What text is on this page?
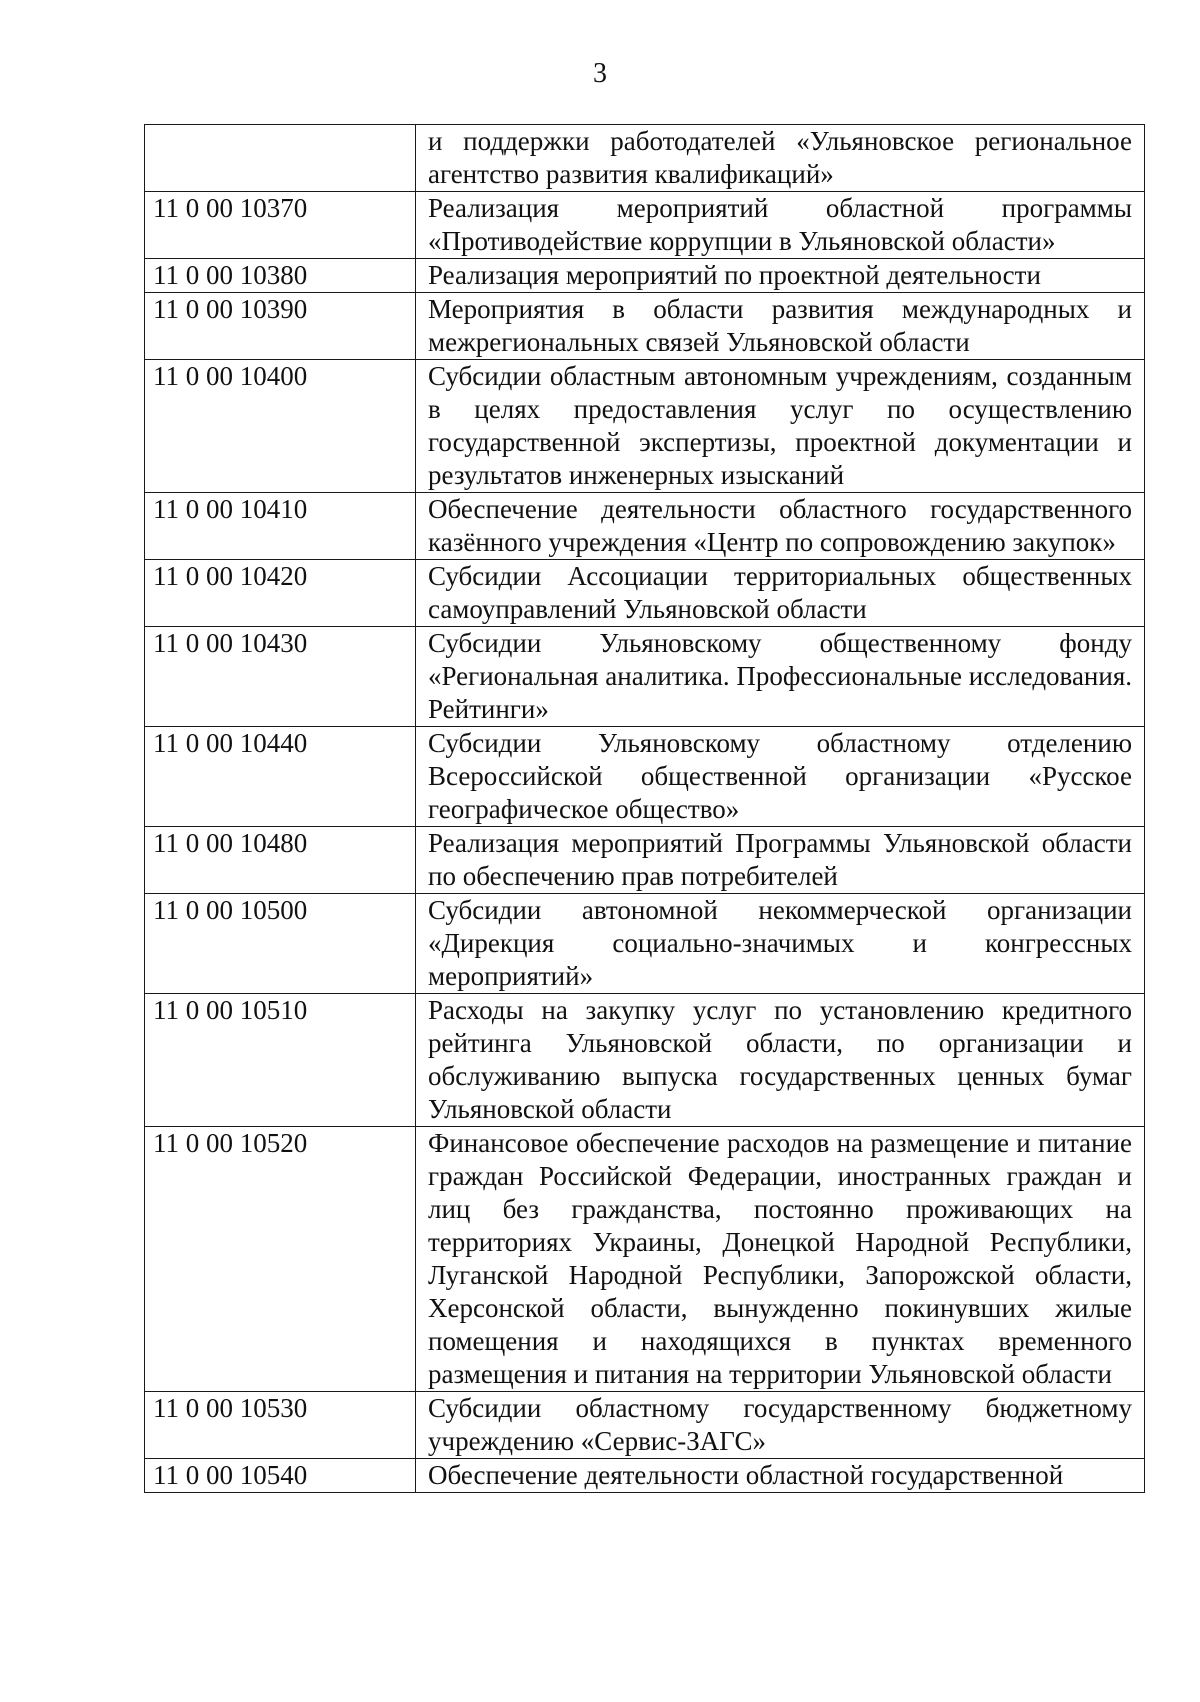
3
	и поддержки работодателей «Ульяновское региональное агентство развития квалификаций»
11 0 00 10370	Реализация мероприятий областной программы «Противодействие коррупции в Ульяновской области»
11 0 00 10380	Реализация мероприятий по проектной деятельности
11 0 00 10390	Мероприятия в области развития международных и межрегиональных связей Ульяновской области
11 0 00 10400	Субсидии областным автономным учреждениям, созданным в целях предоставления услуг по осуществлению государственной экспертизы, проектной документации и результатов инженерных изысканий
11 0 00 10410	Обеспечение деятельности областного государственного казённого учреждения «Центр по сопровождению закупок»
11 0 00 10420	Субсидии Ассоциации территориальных общественных самоуправлений Ульяновской области
11 0 00 10430	Субсидии Ульяновскому общественному фонду «Региональная аналитика. Профессиональные исследования. Рейтинги»
11 0 00 10440	Субсидии Ульяновскому областному отделению Всероссийской общественной организации «Русское географическое общество»
11 0 00 10480	Реализация мероприятий Программы Ульяновской области по обеспечению прав потребителей
11 0 00 10500	Субсидии автономной некоммерческой организации «Дирекция социально-значимых и конгрессных мероприятий»
11 0 00 10510	Расходы на закупку услуг по установлению кредитного рейтинга Ульяновской области, по организации и обслуживанию выпуска государственных ценных бумаг Ульяновской области
11 0 00 10520	Финансовое обеспечение расходов на размещение и питание граждан Российской Федерации, иностранных граждан и лиц без гражданства, постоянно проживающих на территориях Украины, Донецкой Народной Республики, Луганской Народной Республики, Запорожской области, Херсонской области, вынужденно покинувших жилые помещения и находящихся в пунктах временного размещения и питания на территории Ульяновской области
11 0 00 10530	Субсидии областному государственному бюджетному учреждению «Сервис-ЗАГС»
11 0 00 10540	Обеспечение деятельности областной государственной
